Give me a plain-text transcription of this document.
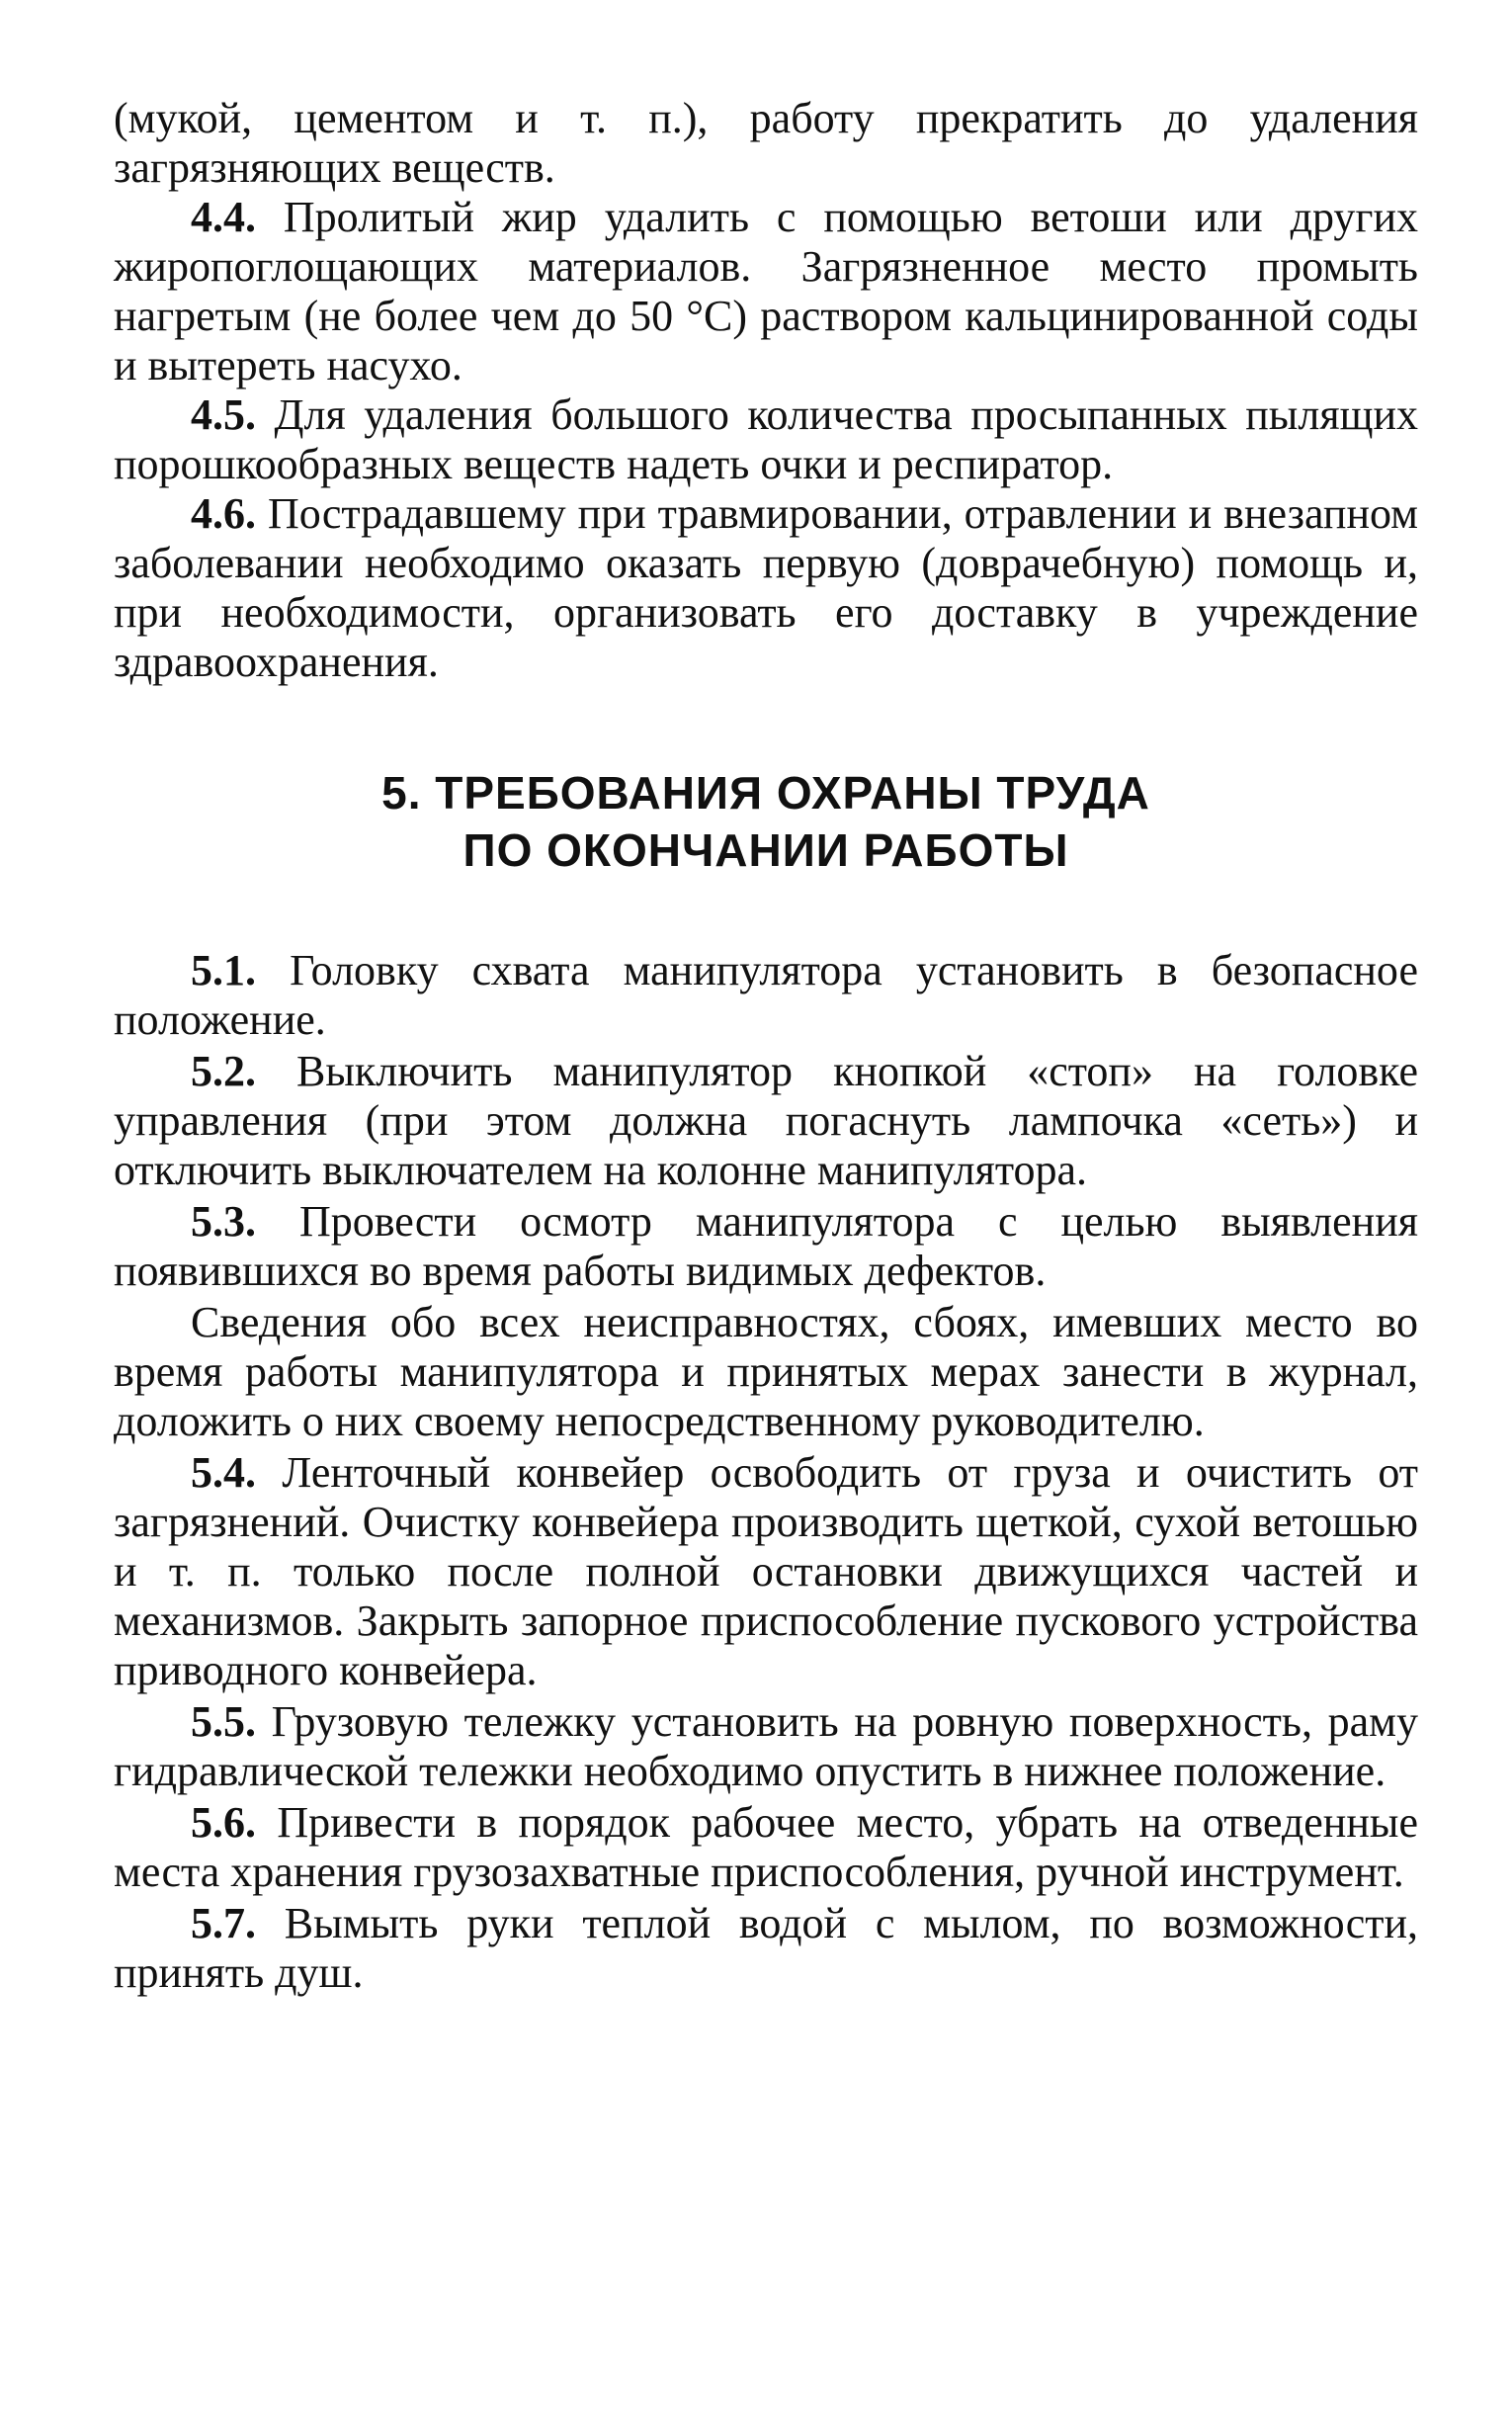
(мукой, цементом и т. п.), работу прекратить до удаления загрязняющих веществ.

4.4. Пролитый жир удалить с помощью ветоши или других жиропоглощающих материалов. Загрязненное место промыть нагретым (не более чем до 50 °С) раствором кальцинированной соды и вытереть насухо.

4.5. Для удаления большого количества просыпанных пылящих порошкообразных веществ надеть очки и респиратор.

4.6. Пострадавшему при травмировании, отравлении и внезапном заболевании необходимо оказать первую (доврачебную) помощь и, при необходимости, организовать его доставку в учреждение здравоохранения.

5. ТРЕБОВАНИЯ ОХРАНЫ ТРУДА
ПО ОКОНЧАНИИ РАБОТЫ

5.1. Головку схвата манипулятора установить в безопасное положение.

5.2. Выключить манипулятор кнопкой «стоп» на головке управления (при этом должна погаснуть лампочка «сеть») и отключить выключателем на колонне манипулятора.

5.3. Провести осмотр манипулятора с целью выявления появившихся во время работы видимых дефектов.

Сведения обо всех неисправностях, сбоях, имевших место во время работы манипулятора и принятых мерах занести в журнал, доложить о них своему непосредственному руководителю.

5.4. Ленточный конвейер освободить от груза и очистить от загрязнений. Очистку конвейера производить щеткой, сухой ветошью и т. п. только после полной остановки движущихся частей и механизмов. Закрыть запорное приспособление пускового устройства приводного конвейера.

5.5. Грузовую тележку установить на ровную поверхность, раму гидравлической тележки необходимо опустить в нижнее положение.

5.6. Привести в порядок рабочее место, убрать на отведенные места хранения грузозахватные приспособления, ручной инструмент.

5.7. Вымыть руки теплой водой с мылом, по возможности, принять душ.
